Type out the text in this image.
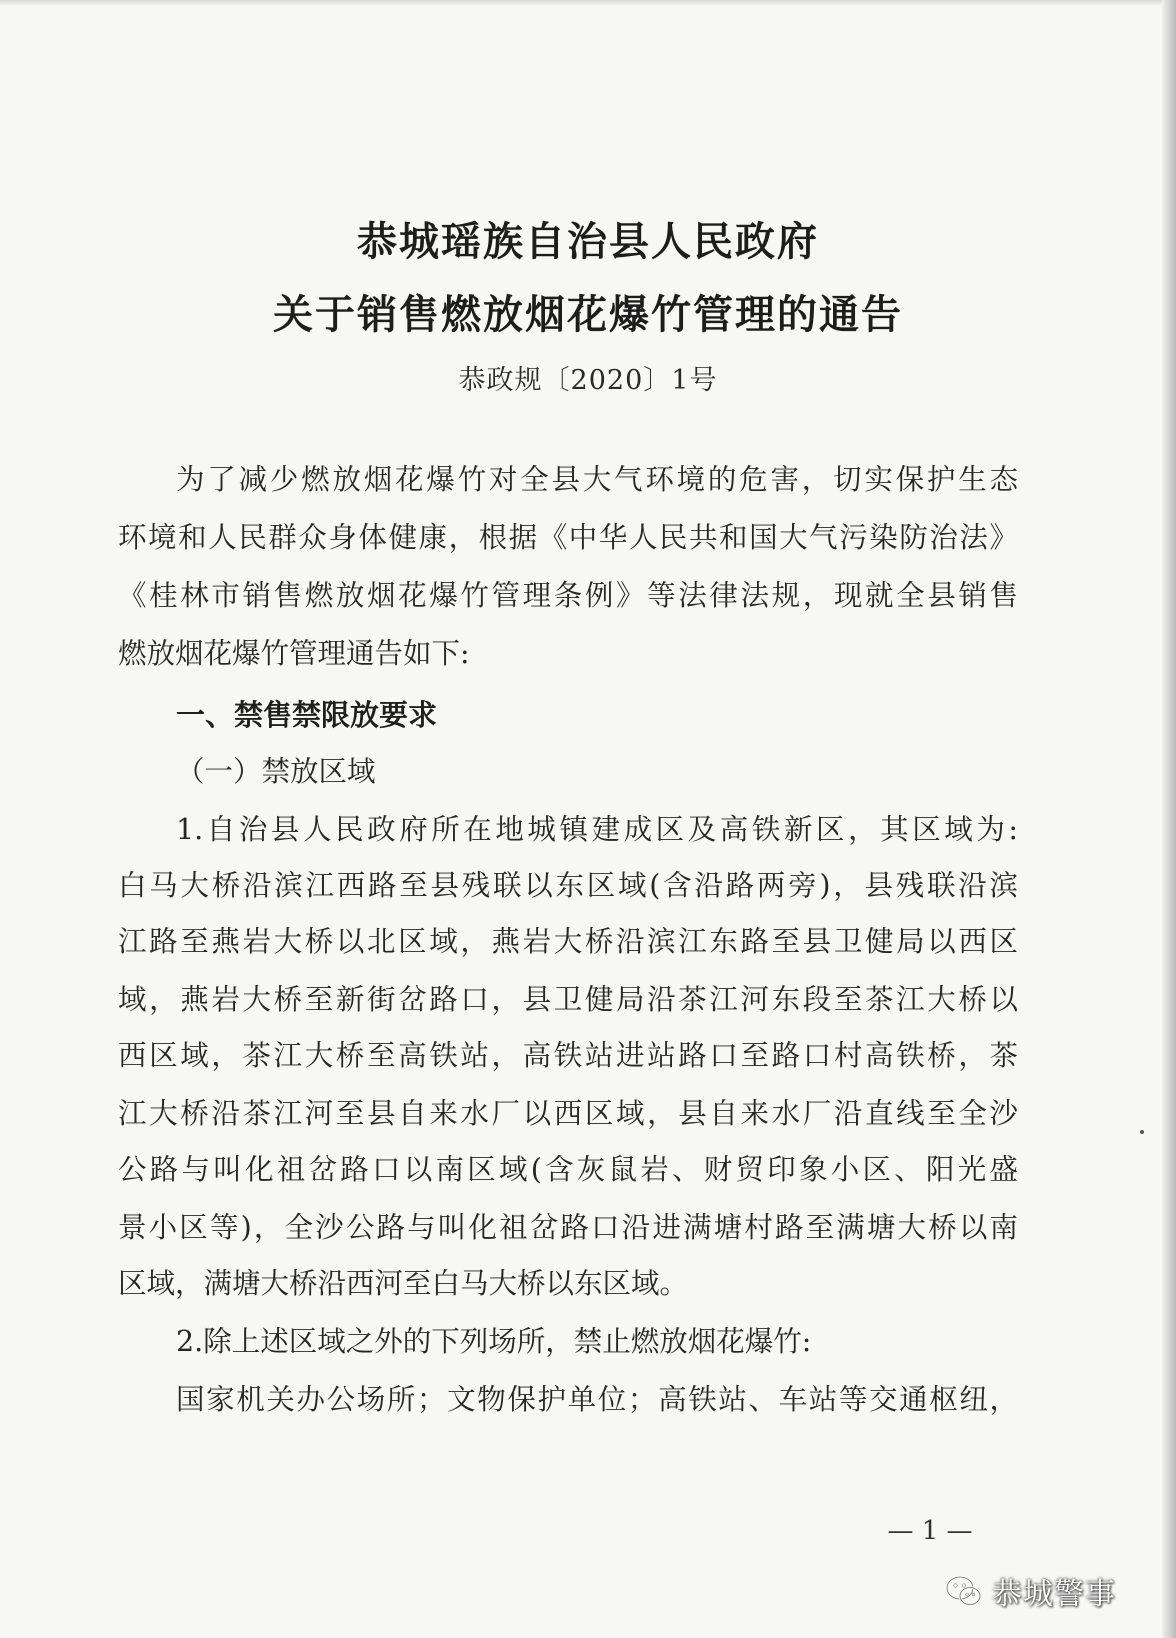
恭城瑶族自治县人民政府
关于销售燃放烟花爆竹管理的通告
恭政规〔2020〕1号
为了减少燃放烟花爆竹对全县大气环境的危害，切实保护生态
环境和人民群众身体健康，根据《中华人民共和国大气污染防治法》
《桂林市销售燃放烟花爆竹管理条例》等法律法规，现就全县销售
燃放烟花爆竹管理通告如下:
一、禁售禁限放要求
（一）禁放区域
1.自治县人民政府所在地城镇建成区及高铁新区，其区域为:
白马大桥沿滨江西路至县残联以东区域(含沿路两旁)，县残联沿滨
江路至燕岩大桥以北区域，燕岩大桥沿滨江东路至县卫健局以西区
域，燕岩大桥至新街岔路口，县卫健局沿茶江河东段至茶江大桥以
西区域，茶江大桥至高铁站，高铁站进站路口至路口村高铁桥，茶
江大桥沿茶江河至县自来水厂以西区域，县自来水厂沿直线至全沙
公路与叫化祖岔路口以南区域(含灰鼠岩、财贸印象小区、阳光盛
景小区等)，全沙公路与叫化祖岔路口沿进满塘村路至满塘大桥以南
区域，满塘大桥沿西河至白马大桥以东区域。
2.除上述区域之外的下列场所，禁止燃放烟花爆竹:
国家机关办公场所；文物保护单位；高铁站、车站等交通枢纽，
— 1 —
恭城警事
